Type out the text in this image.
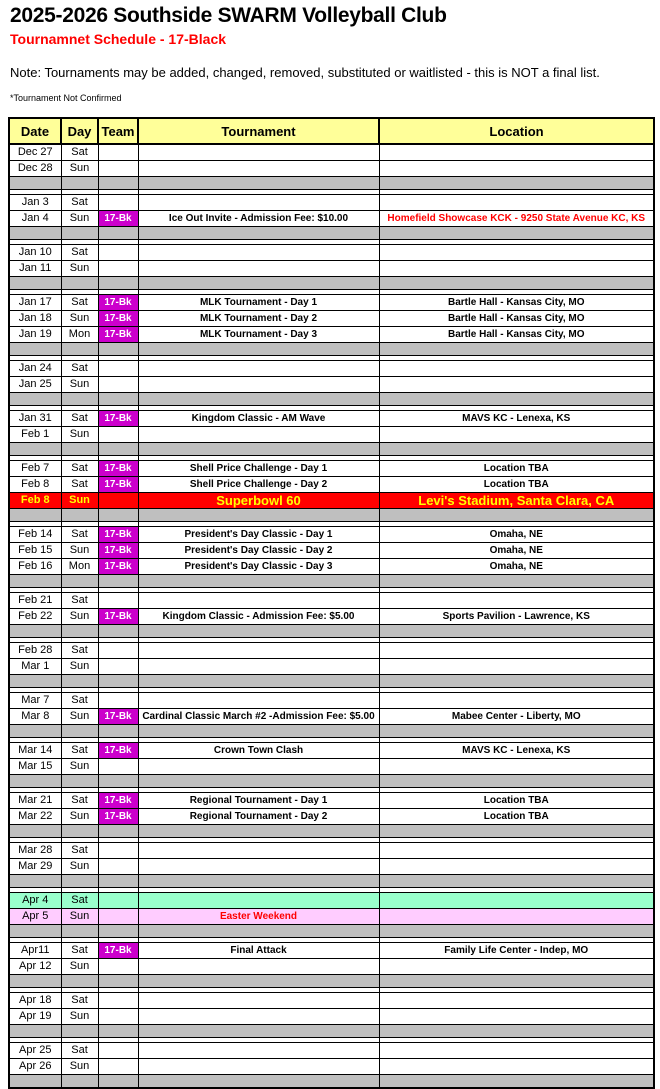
2025-2026 Southside SWARM Volleyball Club
Tournamnet Schedule - 17-Black
Note: Tournaments may be added, changed, removed, substituted or waitlisted - this is NOT a final list.
*Tournament Not Confirmed
Date	Day	Team	Tournament	Location
Dec 27	Sat			
Dec 28	Sun			

Jan 3	Sat			
Jan 4	Sun	17-Bk	Ice Out Invite - Admission Fee: $10.00	Homefield Showcase KCK - 9250 State Avenue KC, KS

Jan 10	Sat			
Jan 11	Sun			

Jan 17	Sat	17-Bk	MLK Tournament - Day 1	Bartle Hall - Kansas City, MO
Jan 18	Sun	17-Bk	MLK Tournament - Day 2	Bartle Hall - Kansas City, MO
Jan 19	Mon	17-Bk	MLK Tournament - Day 3	Bartle Hall - Kansas City, MO

Jan 24	Sat			
Jan 25	Sun			

Jan 31	Sat	17-Bk	Kingdom Classic - AM Wave	MAVS KC - Lenexa, KS
Feb 1	Sun			

Feb 7	Sat	17-Bk	Shell Price Challenge - Day 1	Location TBA
Feb 8	Sat	17-Bk	Shell Price Challenge - Day 2	Location TBA
Feb 8	Sun		Superbowl 60	Levi's Stadium, Santa Clara, CA

Feb 14	Sat	17-Bk	President's Day Classic - Day 1	Omaha, NE
Feb 15	Sun	17-Bk	President's Day Classic - Day 2	Omaha, NE
Feb 16	Mon	17-Bk	President's Day Classic - Day 3	Omaha, NE

Feb 21	Sat			
Feb 22	Sun	17-Bk	Kingdom Classic - Admission Fee: $5.00	Sports Pavilion - Lawrence, KS

Feb 28	Sat			
Mar 1	Sun			

Mar 7	Sat			
Mar 8	Sun	17-Bk	Cardinal Classic March #2 -Admission Fee: $5.00	Mabee Center - Liberty, MO

Mar 14	Sat	17-Bk	Crown Town Clash	MAVS KC - Lenexa, KS
Mar 15	Sun			

Mar 21	Sat	17-Bk	Regional Tournament - Day 1	Location TBA
Mar 22	Sun	17-Bk	Regional Tournament - Day 2	Location TBA

Mar 28	Sat			
Mar 29	Sun			

Apr 4	Sat			
Apr 5	Sun		Easter Weekend	

Apr11	Sat	17-Bk	Final Attack	Family Life Center - Indep, MO
Apr 12	Sun			

Apr 18	Sat			
Apr 19	Sun			

Apr 25	Sat			
Apr 26	Sun			
